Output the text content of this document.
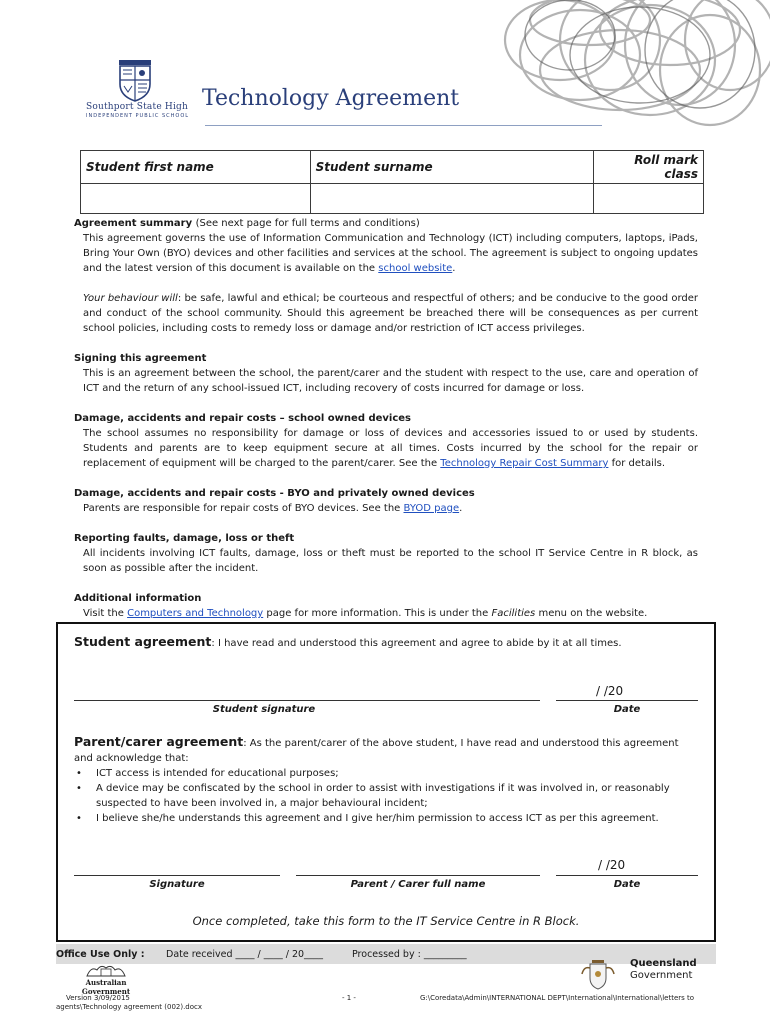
Southport State High
INDEPENDENT PUBLIC SCHOOL
Technology Agreement
Student first name	Student surname	Roll mark class

Agreement summary (See next page for full terms and conditions)

This agreement governs the use of Information Communication and Technology (ICT) including computers, laptops, iPads, Bring Your Own (BYO) devices and other facilities and services at the school. The agreement is subject to ongoing updates and the latest version of this document is available on the school website.

Your behaviour will: be safe, lawful and ethical; be courteous and respectful of others; and be conducive to the good order and conduct of the school community. Should this agreement be breached there will be consequences as per current school policies, including costs to remedy loss or damage and/or restriction of ICT access privileges.

Signing this agreement

This is an agreement between the school, the parent/carer and the student with respect to the use, care and operation of ICT and the return of any school-issued ICT, including recovery of costs incurred for damage or loss.

Damage, accidents and repair costs – school owned devices

The school assumes no responsibility for damage or loss of devices and accessories issued to or used by students. Students and parents are to keep equipment secure at all times. Costs incurred by the school for the repair or replacement of equipment will be charged to the parent/carer. See the Technology Repair Cost Summary for details.

Damage, accidents and repair costs - BYO and privately owned devices

Parents are responsible for repair costs of BYO devices. See the BYOD page.

Reporting faults, damage, loss or theft

All incidents involving ICT faults, damage, loss or theft must be reported to the school IT Service Centre in R block, as soon as possible after the incident.

Additional information

Visit the Computers and Technology page for more information. This is under the Facilities menu on the website.

Student agreement: I have read and understood this agreement and agree to abide by it at all times.
/ /20
Student signature	Date
Parent/carer agreement: As the parent/carer of the above student, I have read and understood this agreement and acknowledge that:
• ICT access is intended for educational purposes;
• A device may be confiscated by the school in order to assist with investigations if it was involved in, or reasonably suspected to have been involved in, a major behavioural incident;
• I believe she/he understands this agreement and I give her/him permission to access ICT as per this agreement.
/ /20
Signature	Parent / Carer full name	Date
Once completed, take this form to the IT Service Centre in R Block.
Office Use Only : Date received ____ / ____ / 20____	Processed by : _________
Australian Government
Queensland
Government
Version 3/09/2015
agents\Technology agreement (002).docx
- 1 -	G:\Coredata\Admin\INTERNATIONAL DEPT\International\International\letters to
